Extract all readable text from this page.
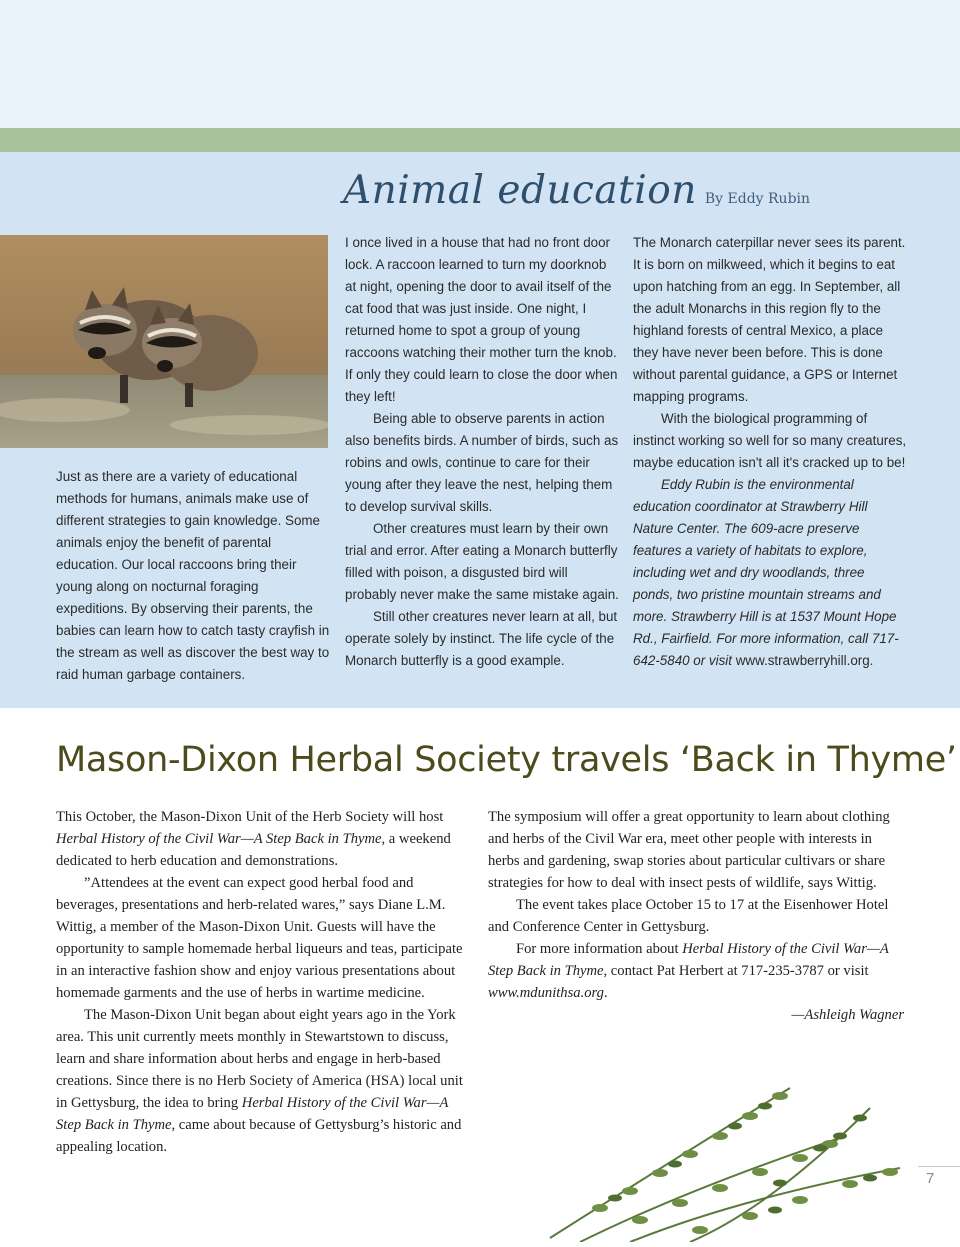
Animal education By Eddy Rubin
Just as there are a variety of educational methods for humans, animals make use of different strategies to gain knowledge. Some animals enjoy the benefit of parental education. Our local raccoons bring their young along on nocturnal foraging expeditions. By observing their parents, the babies can learn how to catch tasty crayfish in the stream as well as discover the best way to raid human garbage containers.

I once lived in a house that had no front door lock. A raccoon learned to turn my doorknob at night, opening the door to avail itself of the cat food that was just inside. One night, I returned home to spot a group of young raccoons watching their mother turn the knob. If only they could learn to close the door when they left!

Being able to observe parents in action also benefits birds. A number of birds, such as robins and owls, continue to care for their young after they leave the nest, helping them to develop survival skills.

Other creatures must learn by their own trial and error. After eating a Monarch butterfly filled with poison, a disgusted bird will probably never make the same mistake again.

Still other creatures never learn at all, but operate solely by instinct. The life cycle of the Monarch butterfly is a good example.

The Monarch caterpillar never sees its parent. It is born on milkweed, which it begins to eat upon hatching from an egg. In September, all the adult Monarchs in this region fly to the highland forests of central Mexico, a place they have never been before. This is done without parental guidance, a GPS or Internet mapping programs.

With the biological programming of instinct working so well for so many creatures, maybe education isn't all it's cracked up to be!

Eddy Rubin is the environmental education coordinator at Strawberry Hill Nature Center. The 609-acre preserve features a variety of habitats to explore, including wet and dry woodlands, three ponds, two pristine mountain streams and more. Strawberry Hill is at 1537 Mount Hope Rd., Fairfield. For more information, call 717-642-5840 or visit www.strawberryhill.org.

Mason-Dixon Herbal Society travels ‘Back in Thyme’

This October, the Mason-Dixon Unit of the Herb Society will host Herbal History of the Civil War—A Step Back in Thyme, a weekend dedicated to herb education and demonstrations.

”Attendees at the event can expect good herbal food and beverages, presentations and herb-related wares,” says Diane L.M. Wittig, a member of the Mason-Dixon Unit. Guests will have the opportunity to sample homemade herbal liqueurs and teas, participate in an interactive fashion show and enjoy various presentations about homemade garments and the use of herbs in wartime medicine.

The Mason-Dixon Unit began about eight years ago in the York area. This unit currently meets monthly in Stewartstown to discuss, learn and share information about herbs and engage in herb-based creations. Since there is no Herb Society of America (HSA) local unit in Gettysburg, the idea to bring Herbal History of the Civil War—A Step Back in Thyme, came about because of Gettysburg’s historic and appealing location.

The symposium will offer a great opportunity to learn about clothing and herbs of the Civil War era, meet other people with interests in herbs and gardening, swap stories about particular cultivars or share strategies for how to deal with insect pests of wildlife, says Wittig.

The event takes place October 15 to 17 at the Eisenhower Hotel and Conference Center in Gettysburg.

For more information about Herbal History of the Civil War—A Step Back in Thyme, contact Pat Herbert at 717-235-3787 or visit www.mdunithsa.org.

—Ashleigh Wagner

7
